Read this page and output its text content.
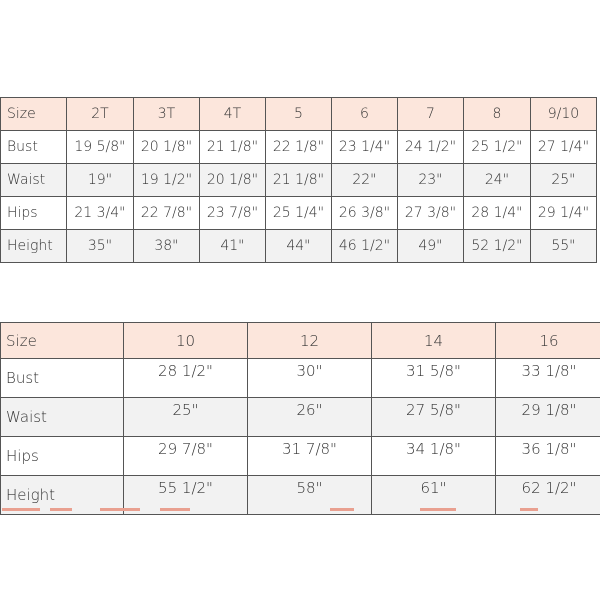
Size	2T	3T	4T	5	6	7	8	9/10
Bust	19 5/8"	20 1/8"	21 1/8"	22 1/8"	23 1/4"	24 1/2"	25 1/2"	27 1/4"
Waist	19"	19 1/2"	20 1/8"	21 1/8"	22"	23"	24"	25"
Hips	21 3/4"	22 7/8"	23 7/8"	25 1/4"	26 3/8"	27 3/8"	28 1/4"	29 1/4"
Height	35"	38"	41"	44"	46 1/2"	49"	52 1/2"	55"
Size	10	12	14	16
Bust	28 1/2"	30"	31 5/8"	33 1/8"
Waist	25"	26"	27 5/8"	29 1/8"
Hips	29 7/8"	31 7/8"	34 1/8"	36 1/8"
Height	55 1/2"	58"	61"	62 1/2"
